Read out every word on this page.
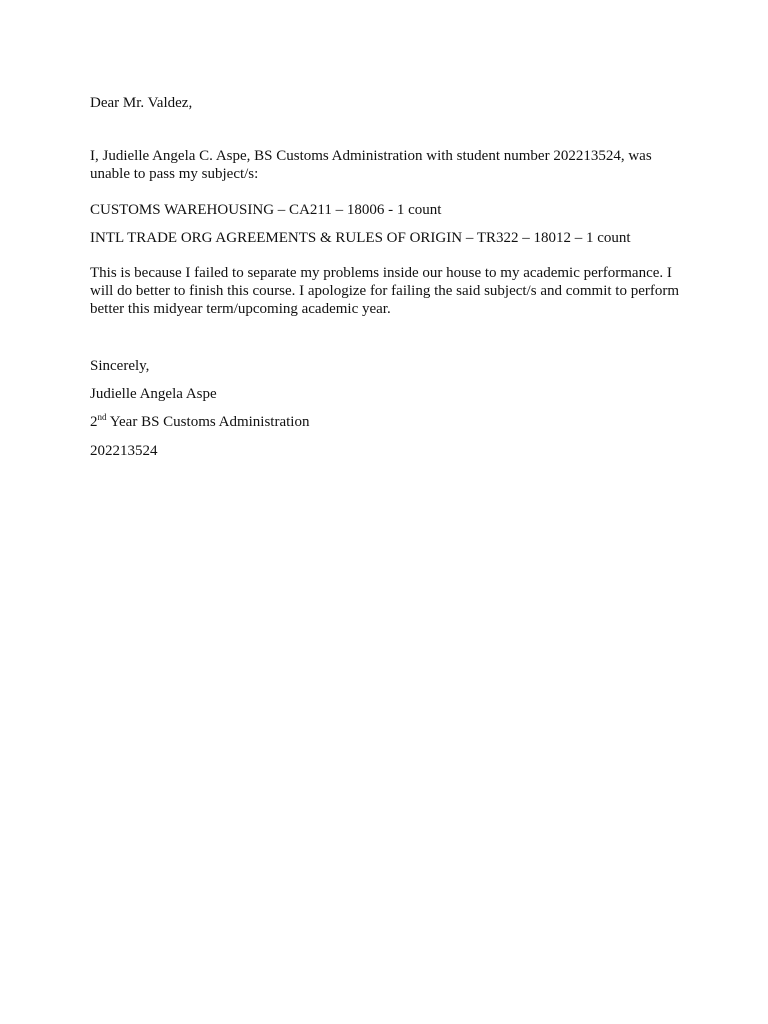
Dear Mr. Valdez,

I, Judielle Angela C. Aspe, BS Customs Administration with student number 202213524, was unable to pass my subject/s:

CUSTOMS WAREHOUSING – CA211 – 18006 - 1 count

INTL TRADE ORG AGREEMENTS & RULES OF ORIGIN – TR322 – 18012 – 1 count

This is because I failed to separate my problems inside our house to my academic performance. I will do better to finish this course. I apologize for failing the said subject/s and commit to perform better this midyear term/upcoming academic year.

Sincerely,

Judielle Angela Aspe

2nd Year BS Customs Administration

202213524
